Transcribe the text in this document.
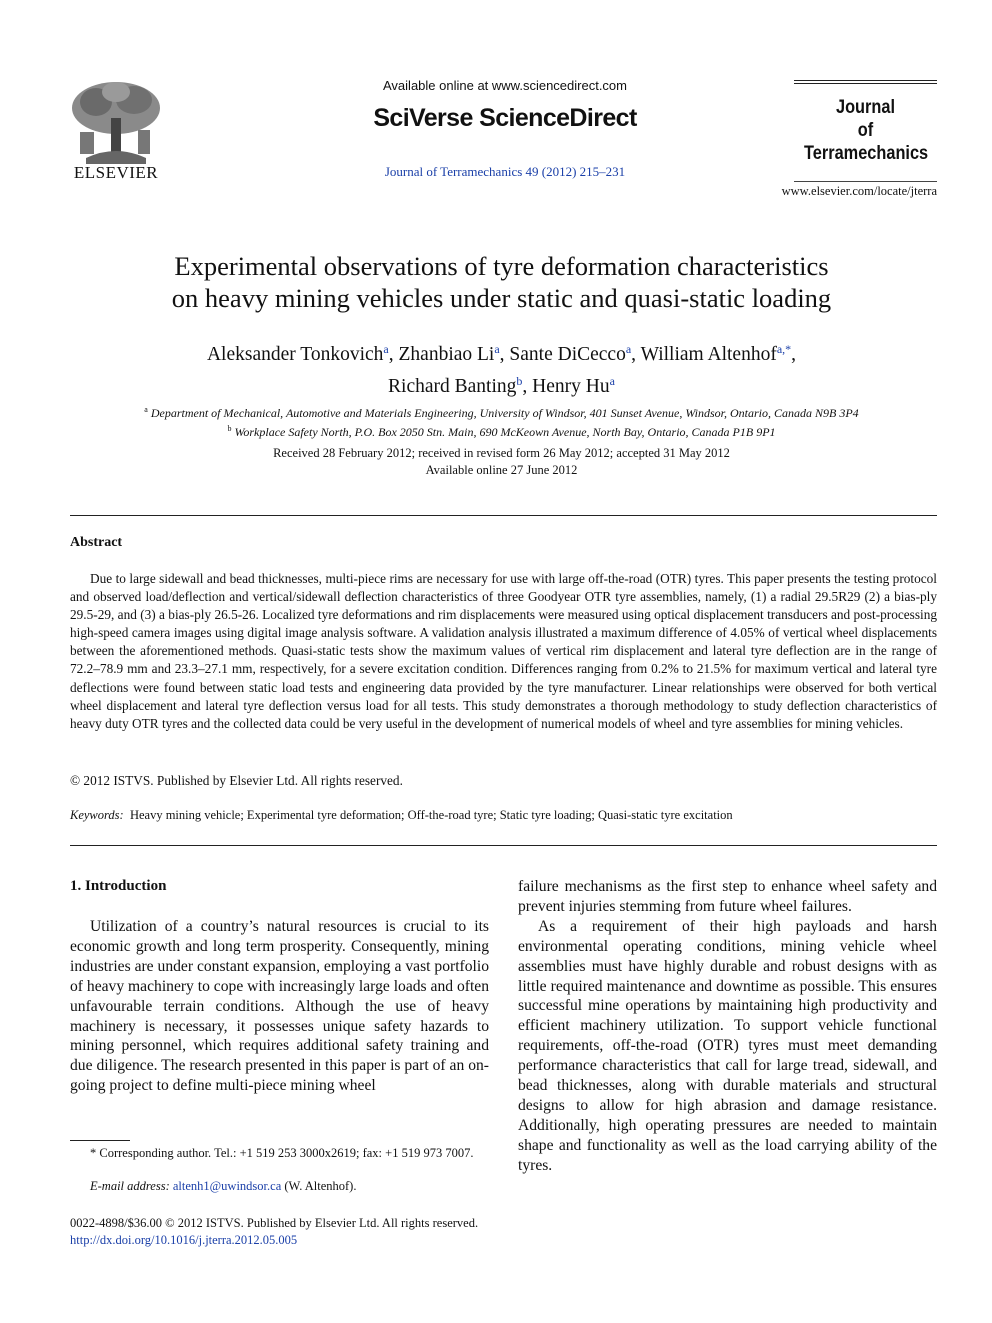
ELSEVIER
Available online at www.sciencedirect.com
SciVerse ScienceDirect
Journal of Terramechanics 49 (2012) 215–231
Journal
of
Terramechanics
www.elsevier.com/locate/jterra
Experimental observations of tyre deformation characteristics
on heavy mining vehicles under static and quasi-static loading
Aleksander Tonkovich$^a$, Zhanbiao Li$^a$, Sante DiCecco$^a$, William Altenhof$^{a,*}$,
Richard Banting$^b$, Henry Hu$^a$
$^a$ Department of Mechanical, Automotive and Materials Engineering, University of Windsor, 401 Sunset Avenue, Windsor, Ontario, Canada N9B 3P4
$^b$ Workplace Safety North, P.O. Box 2050 Stn. Main, 690 McKeown Avenue, North Bay, Ontario, Canada P1B 9P1
Received 28 February 2012; received in revised form 26 May 2012; accepted 31 May 2012
Available online 27 June 2012
Abstract
Due to large sidewall and bead thicknesses, multi-piece rims are necessary for use with large off-the-road (OTR) tyres. This paper presents the testing protocol and observed load/deflection and vertical/sidewall deflection characteristics of three Goodyear OTR tyre assemblies, namely, (1) a radial 29.5R29 (2) a bias-ply 29.5-29, and (3) a bias-ply 26.5-26. Localized tyre deformations and rim displacements were measured using optical displacement transducers and post-processing high-speed camera images using digital image analysis software. A validation analysis illustrated a maximum difference of 4.05% of vertical wheel displacements between the aforementioned methods. Quasi-static tests show the maximum values of vertical rim displacement and lateral tyre deflection are in the range of 72.2–78.9 mm and 23.3–27.1 mm, respectively, for a severe excitation condition. Differences ranging from 0.2% to 21.5% for maximum vertical and lateral tyre deflections were found between static load tests and engineering data provided by the tyre manufacturer. Linear relationships were observed for both vertical wheel displacement and lateral tyre deflection versus load for all tests. This study demonstrates a thorough methodology to study deflection characteristics of heavy duty OTR tyres and the collected data could be very useful in the development of numerical models of wheel and tyre assemblies for mining vehicles.
© 2012 ISTVS. Published by Elsevier Ltd. All rights reserved.
Keywords: Heavy mining vehicle; Experimental tyre deformation; Off-the-road tyre; Static tyre loading; Quasi-static tyre excitation
1. Introduction

Utilization of a country’s natural resources is crucial to its economic growth and long term prosperity. Consequently, mining industries are under constant expansion, employing a vast portfolio of heavy machinery to cope with increasingly large loads and often unfavourable terrain conditions. Although the use of heavy machinery is necessary, it possesses unique safety hazards to mining personnel, which requires additional safety training and due diligence. The research presented in this paper is part of an on-going project to define multi-piece mining wheel

failure mechanisms as the first step to enhance wheel safety and prevent injuries stemming from future wheel failures.

As a requirement of their high payloads and harsh environmental operating conditions, mining vehicle wheel assemblies must have highly durable and robust designs with as little required maintenance and downtime as possible. This ensures successful mine operations by maintaining high productivity and efficient machinery utilization. To support vehicle functional requirements, off-the-road (OTR) tyres must meet demanding performance characteristics that call for large tread, sidewall, and bead thicknesses, along with durable materials and structural designs to allow for high abrasion and damage resistance. Additionally, high operating pressures are needed to maintain shape and functionality as well as the load carrying ability of the tyres.

* Corresponding author. Tel.: +1 519 253 3000x2619; fax: +1 519 973 7007.
E-mail address: altenh1@uwindsor.ca (W. Altenhof).
0022-4898/$36.00 © 2012 ISTVS. Published by Elsevier Ltd. All rights reserved.
http://dx.doi.org/10.1016/j.jterra.2012.05.005
